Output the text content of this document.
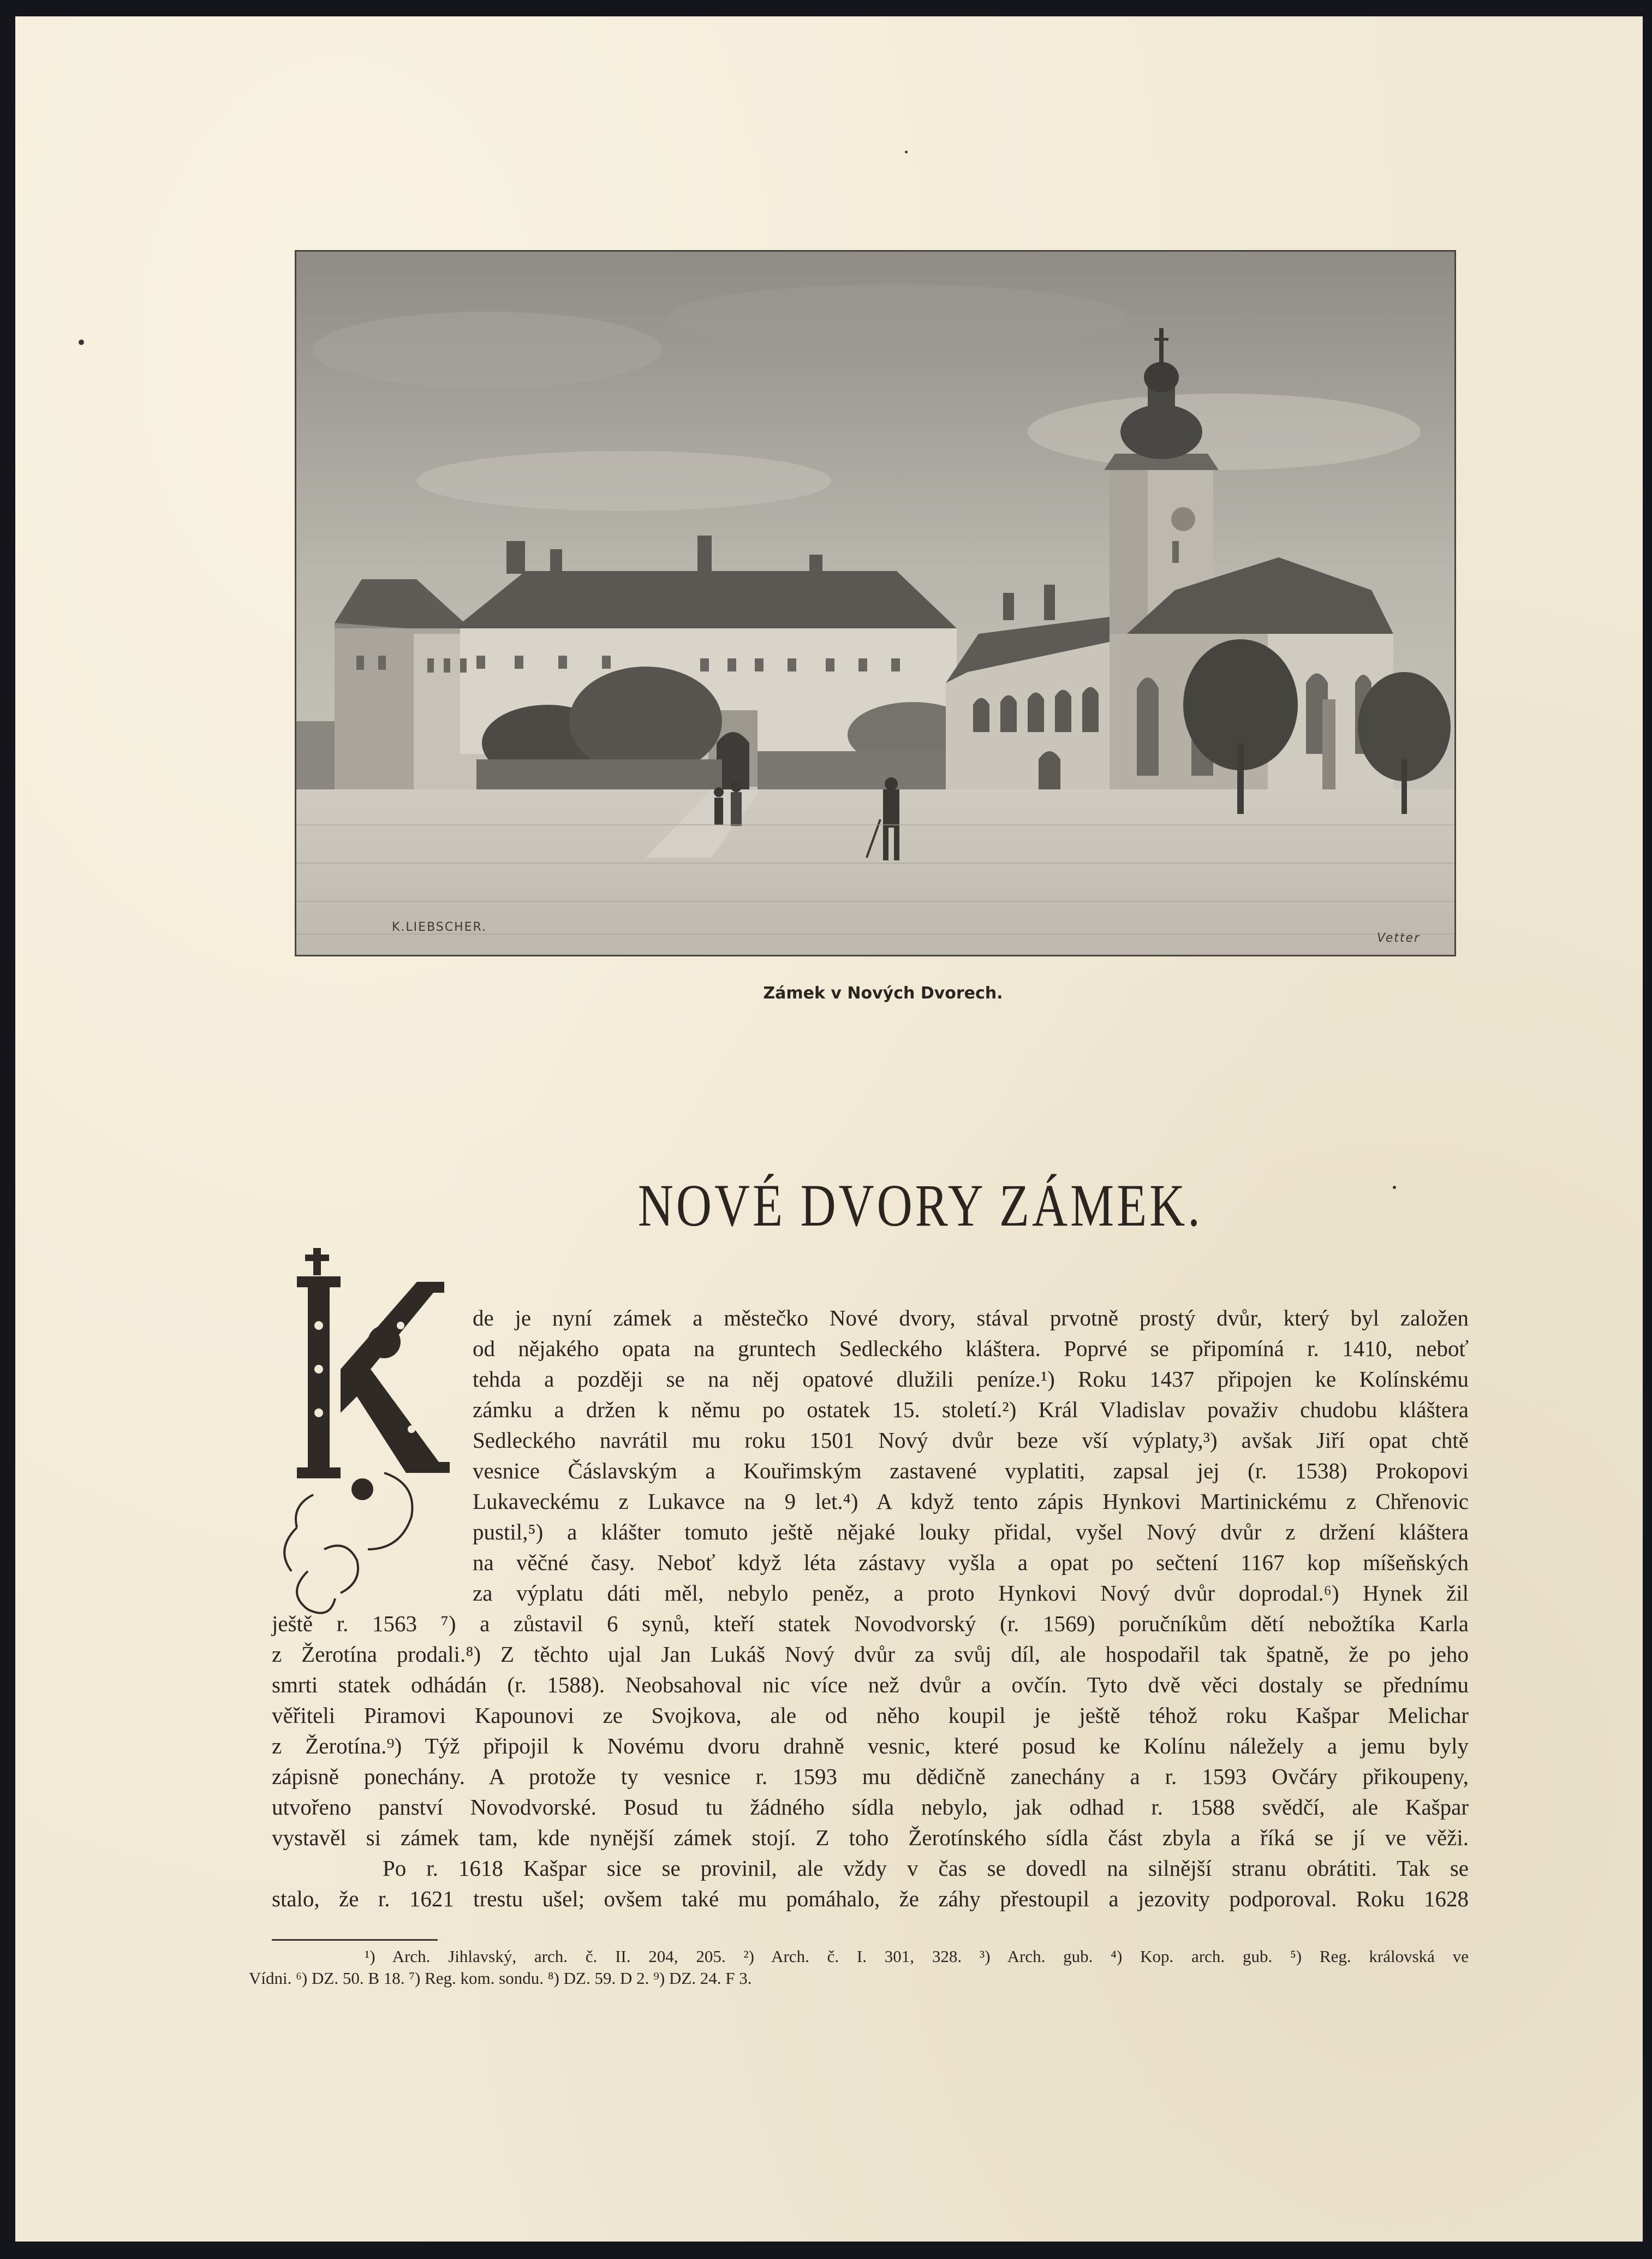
K.LIEBSCHER.
Vetter
Zámek v Nových Dvorech.
NOVÉ DVORY ZÁMEK.
de je nyní zámek a městečko Nové dvory, stával prvotně prostý dvůr, který byl založen
od nějakého opata na gruntech Sedleckého kláštera. Poprvé se připomíná r. 1410, neboť
tehda a později se na něj opatové dlužili peníze.¹) Roku 1437 připojen ke Kolínskému
zámku a držen k němu po ostatek 15. století.²) Král Vladislav považiv chudobu kláštera
Sedleckého navrátil mu roku 1501 Nový dvůr beze vší výplaty,³) avšak Jiří opat chtě
vesnice Čáslavským a Kouřimským zastavené vyplatiti, zapsal jej (r. 1538) Prokopovi
Lukaveckému z Lukavce na 9 let.⁴) A když tento zápis Hynkovi Martinickému z Chřenovic
pustil,⁵) a klášter tomuto ještě nějaké louky přidal, vyšel Nový dvůr z držení kláštera
na věčné časy. Neboť když léta zástavy vyšla a opat po sečtení 1167 kop míšeňských
za výplatu dáti měl, nebylo peněz, a proto Hynkovi Nový dvůr doprodal.⁶) Hynek žil
ještě r. 1563 ⁷) a zůstavil 6 synů, kteří statek Novodvorský (r. 1569) poručníkům dětí nebožtíka Karla
z Žerotína prodali.⁸) Z těchto ujal Jan Lukáš Nový dvůr za svůj díl, ale hospodařil tak špatně, že po jeho
smrti statek odhádán (r. 1588). Neobsahoval nic více než dvůr a ovčín. Tyto dvě věci dostaly se přednímu
věřiteli Piramovi Kapounovi ze Svojkova, ale od něho koupil je ještě téhož roku Kašpar Melichar
z Žerotína.⁹) Týž připojil k Novému dvoru drahně vesnic, které posud ke Kolínu náležely a jemu byly
zápisně ponechány. A protože ty vesnice r. 1593 mu dědičně zanechány a r. 1593 Ovčáry přikoupeny,
utvořeno panství Novodvorské. Posud tu žádného sídla nebylo, jak odhad r. 1588 svědčí, ale Kašpar
vystavěl si zámek tam, kde nynější zámek stojí. Z toho Žerotínského sídla část zbyla a říká se jí ve věži.
Po r. 1618 Kašpar sice se provinil, ale vždy v čas se dovedl na silnější stranu obrátiti. Tak se
stalo, že r. 1621 trestu ušel; ovšem také mu pomáhalo, že záhy přestoupil a jezovity podporoval. Roku 1628
¹) Arch. Jihlavský, arch. č. II. 204, 205. ²) Arch. č. I. 301, 328. ³) Arch. gub. ⁴) Kop. arch. gub. ⁵) Reg. královská ve
Vídni. ⁶) DZ. 50. B 18. ⁷) Reg. kom. sondu. ⁸) DZ. 59. D 2. ⁹) DZ. 24. F 3.
